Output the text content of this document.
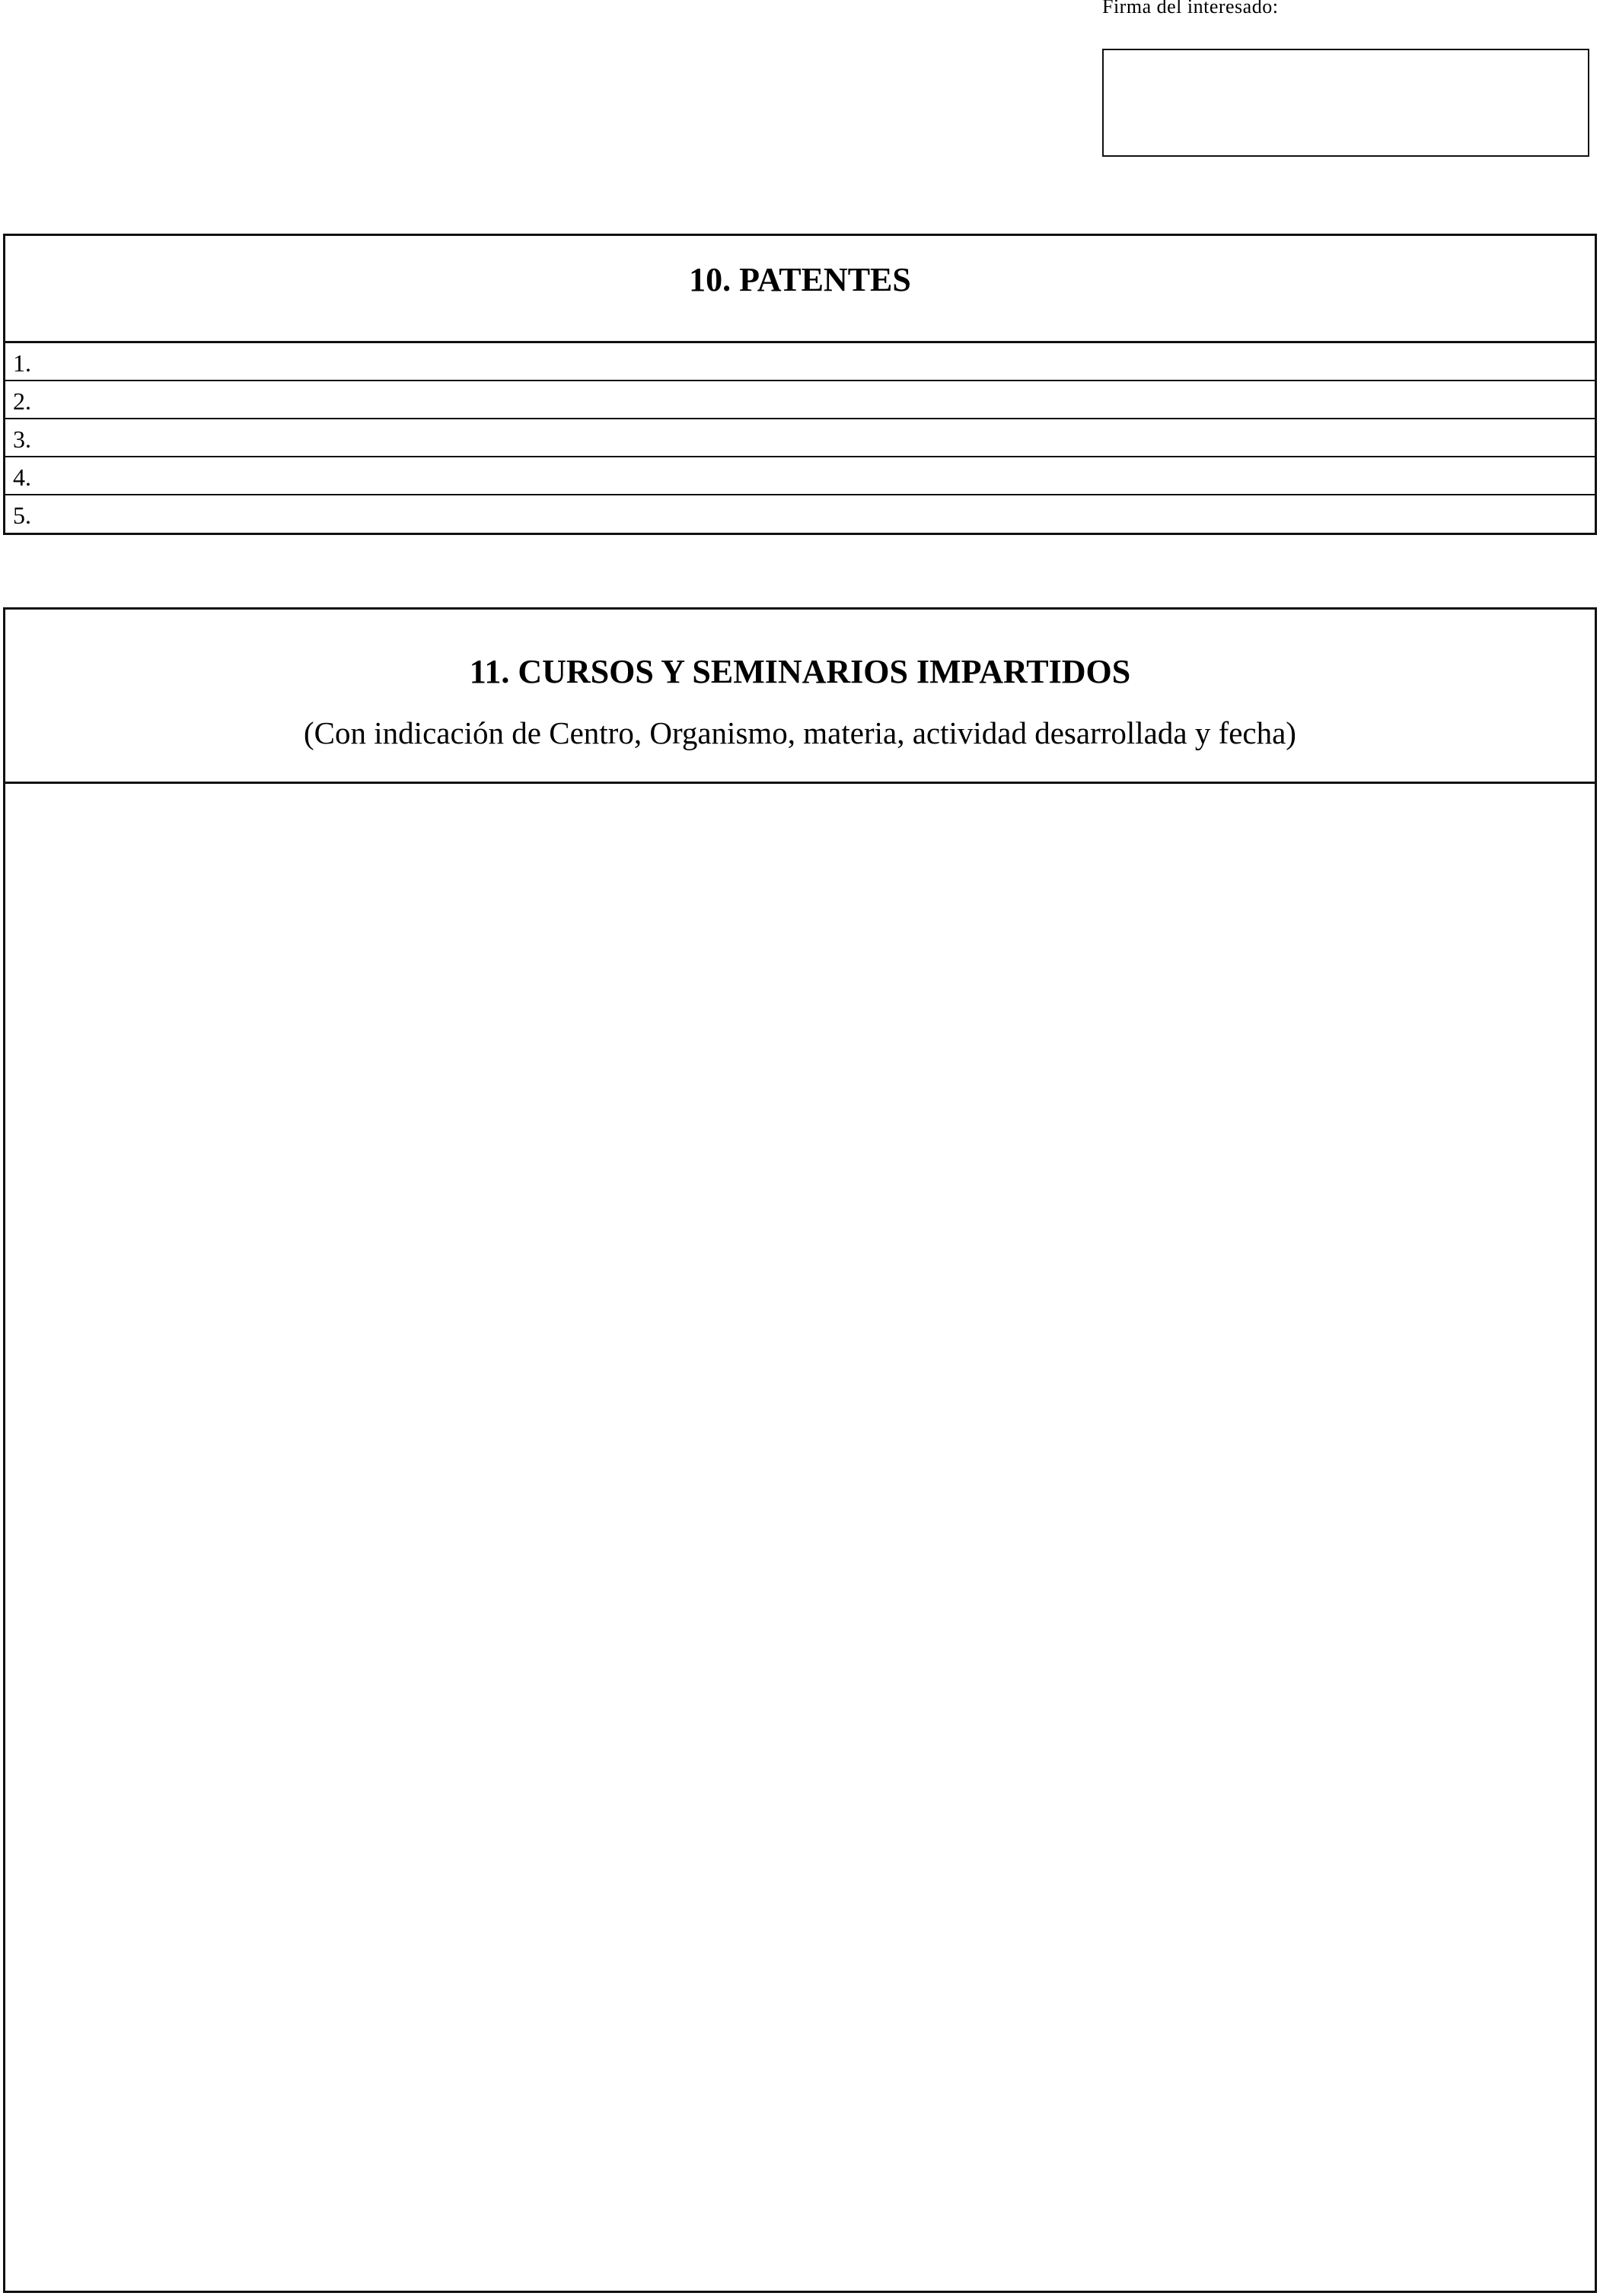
Firma del interesado:
10. PATENTES
1.
2.
3.
4.
5.
11. CURSOS Y SEMINARIOS IMPARTIDOS
(Con indicación de Centro, Organismo, materia, actividad desarrollada y fecha)
